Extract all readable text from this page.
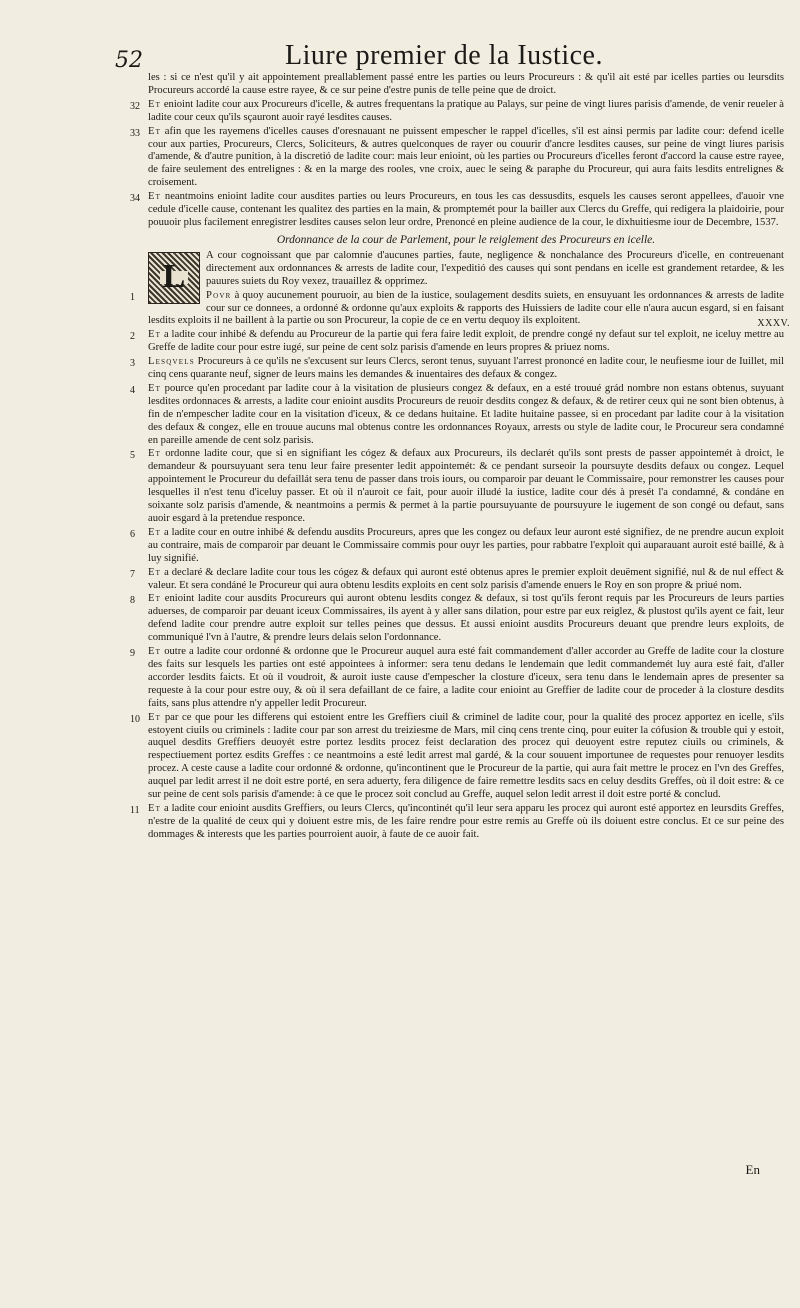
52	Liure premier de la Iustice.
les : si ce n'est qu'il y ait appointement preallablement passé entre les parties ou leurs Procureurs : & qu'il ait esté par icelles parties ou leursdits Procureurs accordé la cause estre rayee, & ce sur peine d'estre punis de telle peine que de droict.
32 Et enioint ladite cour aux Procureurs d'icelle, & autres frequentans la pratique au Palays, sur peine de vingt liures parisis d'amende, de venir reueler à ladite cour ceux qu'ils sçauront auoir rayé lesdites causes.
33 Et afin que les rayemens d'icelles causes d'oresnauant ne puissent empescher le rappel d'icelles, s'il est ainsi permis par ladite cour: defend icelle cour aux parties, Procureurs, Clercs, Soliciteurs, & autres quelconques de rayer ou couurir d'ancre lesdites causes, sur peine de vingt liures parisis d'amende, & d'autre punition, à la discretió de ladite cour: mais leur enioint, où les parties ou Procureurs d'icelles feront d'accord la cause estre rayee, de faire seulement des entrelignes : & en la marge des rooles, vne croix, auec le seing & paraphe du Procureur, qui aura faits lesdits entrelignes & croisement.
34 Et neantmoins enioint ladite cour ausdites parties ou leurs Procureurs, en tous les cas dessusdits, esquels les causes seront appellees, d'auoir vne cedule d'icelle cause, contenant les qualitez des parties en la main, & promptemét pour la bailler aux Clercs du Greffe, qui redigera la plaidoirie, pour pouuoir plus facilement enregistrer lesdites causes selon leur ordre, Prenoncé en pleine audience de la cour, le dixhuitiesme iour de Decembre, 1537.
Ordonnance de la cour de Parlement, pour le reiglement des Procureurs en icelle.
L
A cour cognoissant que par calomnie d'aucunes parties, faute, negligence & nonchalance des Procureurs d'icelle, en contreuenant directement aux ordonnances & arrests de ladite cour, l'expeditió des causes qui sont pendans en icelle est grandement retardee, & les pauures suiets du Roy vexez, trauaillez & opprimez.
1	Povr à quoy aucunement pouruoir, au bien de la iustice, soulagement desdits suiets, en ensuyuant les ordonnances & arrests de ladite cour sur ce donnees, a ordonné & ordonne qu'aux exploits & rapports des Huissiers de ladite cour elle n'aura aucun esgard, si en faisant lesdits exploits il ne baillent à la partie ou son Procureur, la copie de ce en vertu dequoy ils exploitent.
2 Et a ladite cour inhibé & defendu au Procureur de la partie qui fera faire ledit exploit, de prendre congé ny defaut sur tel exploit, ne iceluy mettre au Greffe de ladite cour pour estre iugé, sur peine de cent solz parisis d'amende en leurs propres & priuez noms.
3 Lesqvels Procureurs à ce qu'ils ne s'excusent sur leurs Clercs, seront tenus, suyuant l'arrest prononcé en ladite cour, le neufiesme iour de Iuillet, mil cinq cens quarante neuf, signer de leurs mains les demandes & inuentaires des defaux & congez.
4 Et pource qu'en procedant par ladite cour à la visitation de plusieurs congez & defaux, en a esté trouué grád nombre non estans obtenus, suyuant lesdites ordonnaces & arrests, a ladite cour enioint ausdits Procureurs de reuoir desdits congez & defaux, & de retirer ceux qui ne sont bien obtenus, à fin de n'empescher ladite cour en la visitation d'iceux, & ce dedans huitaine. Et ladite huitaine passee, si en procedant par ladite cour à la visitation des defaux & congez, elle en trouue aucuns mal obtenus contre les ordonnances Royaux, arrests ou style de ladite cour, le Procureur sera condamné en pareille amende de cent solz parisis.
5 Et ordonne ladite cour, que si en signifiant les cógez & defaux aux Procureurs, ils declarét qu'ils sont prests de passer appointemét à droict, le demandeur & poursuyuant sera tenu leur faire presenter ledit appointemét: & ce pendant surseoir la poursuyte desdits defaux ou congez. Lequel appointement le Procureur du defaillát sera tenu de passer dans trois iours, ou comparoir par deuant le Commissaire, pour remonstrer les causes pour lesquelles il n'est tenu d'iceluy passer. Et où il n'auroit ce fait, pour auoir illudé la iustice, ladite cour dés à presét l'a condamné, & condáne en soixante solz parisis d'amende, & neantmoins a permis & permet à la partie poursuyuante de poursuyure le iugement de son congé ou defaut, sans auoir esgard à la pretendue responce.
6 Et a ladite cour en outre inhibé & defendu ausdits Procureurs, apres que les congez ou defaux leur auront esté signifiez, de ne prendre aucun exploit au contraire, mais de comparoir par deuant le Commissaire commis pour ouyr les parties, pour rabbatre l'exploit qui auparauant auroit esté baillé, & à luy signifié.
7 Et a declaré & declare ladite cour tous les cógez & defaux qui auront esté obtenus apres le premier exploit deuëment signifié, nul & de nul effect & valeur. Et sera condáné le Procureur qui aura obtenu lesdits exploits en cent solz parisis d'amende enuers le Roy en son propre & priué nom.
8 Et enioint ladite cour ausdits Procureurs qui auront obtenu lesdits congez & defaux, si tost qu'ils feront requis par les Procureurs de leurs parties aduerses, de comparoir par deuant iceux Commissaires, ils ayent à y aller sans dilation, pour estre par eux reiglez, & plustost qu'ils ayent ce fait, leur defend ladite cour prendre autre exploit sur telles peines que dessus. Et aussi enioint ausdits Procureurs deuant que prendre leurs exploits, de communiqué l'vn à l'autre, & prendre leurs delais selon l'ordonnance.
9 Et outre a ladite cour ordonné & ordonne que le Procureur auquel aura esté fait commandement d'aller accorder au Greffe de ladite cour la closture des faits sur lesquels les parties ont esté appointees à informer: sera tenu dedans le lendemain que ledit commandemét luy aura esté fait, d'aller accorder lesdits faicts. Et où il voudroit, & auroit iuste cause d'empescher la closture d'iceux, sera tenu dans le lendemain apres de presenter sa requeste à la cour pour estre ouy, & où il sera defaillant de ce faire, a ladite cour enioint au Greffier de ladite cour de proceder à la closture desdits faits, sans plus attendre n'y appeller ledit Procureur.
10 Et par ce que pour les differens qui estoient entre les Greffiers ciuil & criminel de ladite cour, pour la qualité des procez apportez en icelle, s'ils estoyent ciuils ou criminels : ladite cour par son arrest du treiziesme de Mars, mil cinq cens trente cinq, pour euiter la cófusion & trouble qui y estoit, auquel desdits Greffiers deuoyét estre portez lesdits procez feist declaration des procez qui deuoyent estre reputez ciuils ou criminels, & respectiuement portez esdits Greffes : ce neantmoins a esté ledit arrest mal gardé, & la cour souuent importunee de requestes pour renuoyer lesdits procez. A ceste cause a ladite cour ordonné & ordonne, qu'incontinent que le Procureur de la partie, qui aura fait mettre le procez en l'vn des Greffes, auquel par ledit arrest il ne doit estre porté, en sera aduerty, fera diligence de faire remettre lesdits sacs en celuy desdits Greffes, où il doit estre: & ce sur peine de cent sols parisis d'amende: à ce que le procez soit conclud au Greffe, auquel selon ledit arrest il doit estre porté & conclud.
11 Et a ladite cour enioint ausdits Greffiers, ou leurs Clercs, qu'incontinét qu'il leur sera apparu les procez qui auront esté apportez en leursdits Greffes, n'estre de la qualité de ceux qui y doiuent estre mis, de les faire rendre pour estre remis au Greffe où ils doiuent estre conclus. Et ce sur peine des dommages & interests que les parties pourroient auoir, à faute de ce auoir fait.
XXXV.
En
